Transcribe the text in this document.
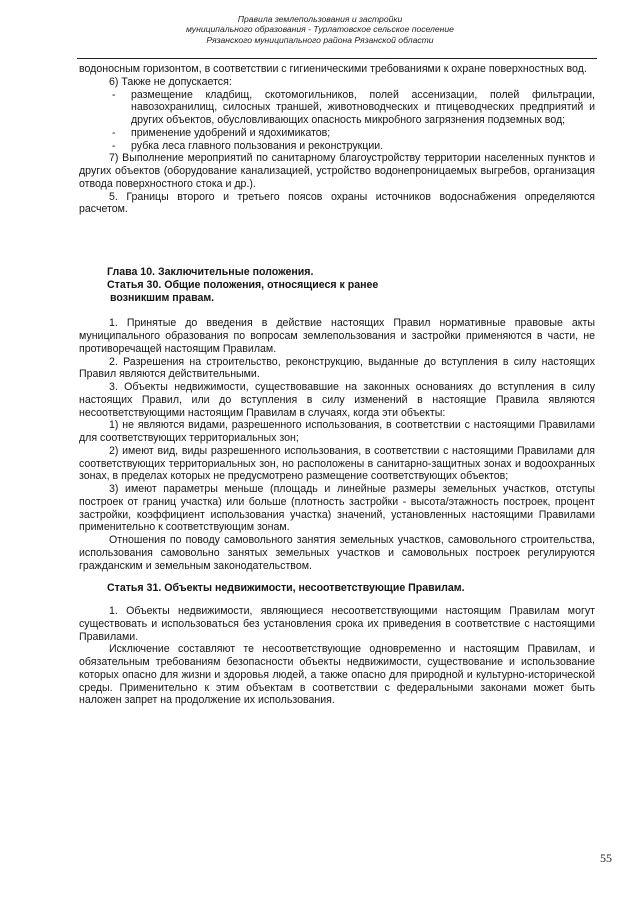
Правила землепользования и застройки
муниципального образования - Турлатовское сельское поселение
Рязанского муниципального района Рязанской области

водоносным горизонтом, в соответствии с гигиеническими требованиями к охране поверхностных вод.

6) Также не допускается:

- размещение кладбищ, скотомогильников, полей ассенизации, полей фильтрации, навозохранилищ, силосных траншей, животноводческих и птицеводческих предприятий и других объектов, обусловливающих опасность микробного загрязнения подземных вод;
- применение удобрений и ядохимикатов;
- рубка леса главного пользования и реконструкции.

7) Выполнение мероприятий по санитарному благоустройству территории населенных пунктов и других объектов (оборудование канализацией, устройство водонепроницаемых выгребов, организация отвода поверхностного стока и др.).

5. Границы второго и третьего поясов охраны источников водоснабжения определяются расчетом.

Глава 10. Заключительные положения.

Статья 30. Общие положения, относящиеся к ранее

возникшим правам.

1. Принятые до введения в действие настоящих Правил нормативные правовые акты муниципального образования по вопросам землепользования и застройки применяются в части, не противоречащей настоящим Правилам.

2. Разрешения на строительство, реконструкцию, выданные до вступления в силу настоящих Правил являются действительными.

3. Объекты недвижимости, существовавшие на законных основаниях до вступления в силу настоящих Правил, или до вступления в силу изменений в настоящие Правила являются несоответствующими настоящим Правилам в случаях, когда эти объекты:

1) не являются видами, разрешенного использования, в соответствии с настоящими Правилами для соответствующих территориальных зон;

2) имеют вид, виды разрешенного использования, в соответствии с настоящими Правилами для соответствующих территориальных зон, но расположены в санитарно-защитных зонах и водоохранных зонах, в пределах которых не предусмотрено размещение соответствующих объектов;

3) имеют параметры меньше (площадь и линейные размеры земельных участков, отступы построек от границ участка) или больше (плотность застройки - высота/этажность построек, процент застройки, коэффициент использования участка) значений, установленных настоящими Правилами применительно к соответствующим зонам.

Отношения по поводу самовольного занятия земельных участков, самовольного строительства, использования самовольно занятых земельных участков и самовольных построек регулируются гражданским и земельным законодательством.

Статья 31. Объекты недвижимости, несоответствующие Правилам.

1. Объекты недвижимости, являющиеся несоответствующими настоящим Правилам могут существовать и использоваться без установления срока их приведения в соответствие с настоящими Правилами.

Исключение составляют те несоответствующие одновременно и настоящим Правилам, и обязательным требованиям безопасности объекты недвижимости, существование и использование которых опасно для жизни и здоровья людей, а также опасно для природной и культурно-исторической среды. Применительно к этим объектам в соответствии с федеральными законами может быть наложен запрет на продолжение их использования.

55
